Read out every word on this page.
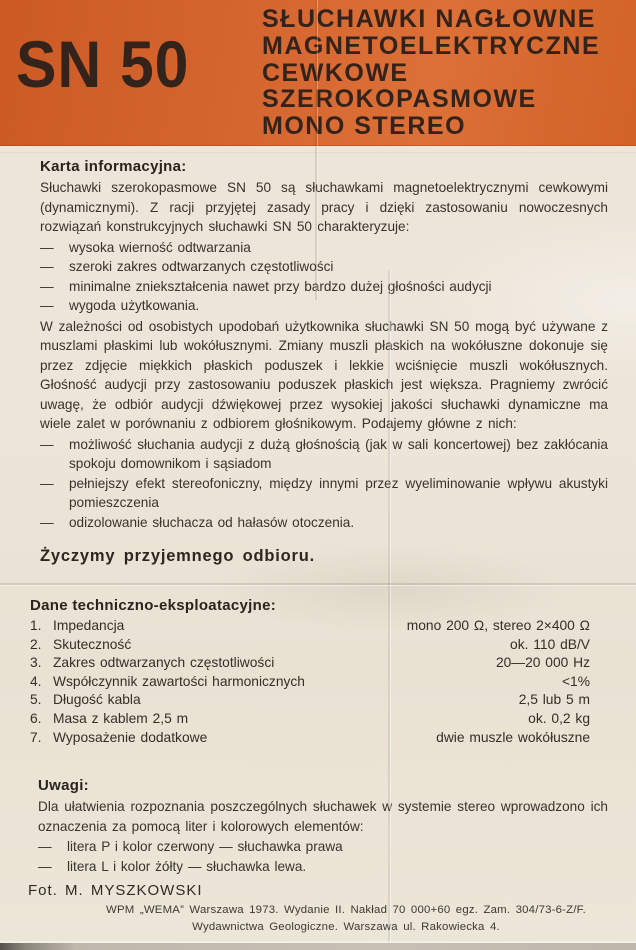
SN 50
SŁUCHAWKI NAGŁOWNE
MAGNETOELEKTRYCZNE
CEWKOWE
SZEROKOPASMOWE
MONO STEREO
Karta informacyjna:

Słuchawki szerokopasmowe SN 50 są słuchawkami magnetoelektrycznymi cewkowymi (dynamicznymi). Z racji przyjętej zasady pracy i dzięki zastosowaniu nowoczesnych rozwiązań konstrukcyjnych słuchawki SN 50 charakteryzuje:

—	wysoka wierność odtwarzania
—	szeroki zakres odtwarzanych częstotliwości
—	minimalne zniekształcenia nawet przy bardzo dużej głośności audycji
—	wygoda użytkowania.

W zależności od osobistych upodobań użytkownika słuchawki SN 50 mogą być używane z muszlami płaskimi lub wokółusznymi. Zmiany muszli płaskich na wokółuszne dokonuje się przez zdjęcie miękkich płaskich poduszek i lekkie wciśnięcie muszli wokółusznych. Głośność audycji przy zastosowaniu poduszek płaskich jest większa. Pragniemy zwrócić uwagę, że odbiór audycji dźwiękowej przez wysokiej jakości słuchawki dynamiczne ma wiele zalet w porównaniu z odbiorem głośnikowym. Podajemy główne z nich:

—	możliwość słuchania audycji z dużą głośnością (jak w sali koncertowej) bez zakłócania spokoju domownikom i sąsiadom
—	pełniejszy efekt stereofoniczny, między innymi przez wyeliminowanie wpływu akustyki pomieszczenia
—	odizolowanie słuchacza od hałasów otoczenia.

Życzymy przyjemnego odbioru.

Dane techniczno-eksploatacyjne:
1. Impedancja	mono 200 Ω, stereo 2×400 Ω
2. Skuteczność	ok. 110 dB/V
3. Zakres odtwarzanych częstotliwości	20—20 000 Hz
4. Współczynnik zawartości harmonicznych	<1%
5. Długość kabla	2,5 lub 5 m
6. Masa z kablem 2,5 m	ok. 0,2 kg
7. Wyposażenie dodatkowe	dwie muszle wokółuszne
Uwagi:

Dla ułatwienia rozpoznania poszczególnych słuchawek w systemie stereo wprowadzono ich oznaczenia za pomocą liter i kolorowych elementów:

—	litera P i kolor czerwony — słuchawka prawa
—	litera L i kolor żółty — słuchawka lewa.
Fot. M. MYSZKOWSKI
WPM „WEMA” Warszawa 1973. Wydanie II. Nakład 70 000+60 egz. Zam. 304/73-6-Z/F.
Wydawnictwa Geologiczne. Warszawa ul. Rakowiecka 4.
